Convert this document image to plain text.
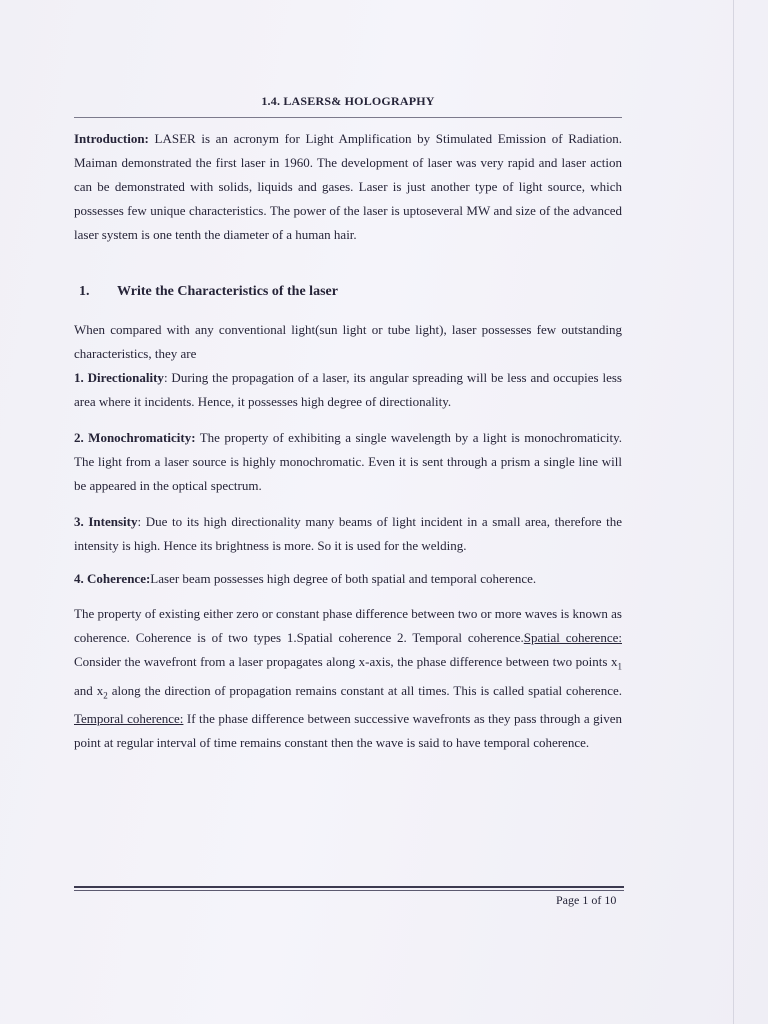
1.4. LASERS& HOLOGRAPHY
Introduction: LASER is an acronym for Light Amplification by Stimulated Emission of Radiation. Maiman demonstrated the first laser in 1960. The development of laser was very rapid and laser action can be demonstrated with solids, liquids and gases. Laser is just another type of light source, which possesses few unique characteristics. The power of the laser is uptoseveral MW and size of the advanced laser system is one tenth the diameter of a human hair.
1. Write the Characteristics of the laser
When compared with any conventional light(sun light or tube light), laser possesses few outstanding characteristics, they are
1. Directionality: During the propagation of a laser, its angular spreading will be less and occupies less area where it incidents. Hence, it possesses high degree of directionality.
2. Monochromaticity: The property of exhibiting a single wavelength by a light is monochromaticity. The light from a laser source is highly monochromatic. Even it is sent through a prism a single line will be appeared in the optical spectrum.
3. Intensity: Due to its high directionality many beams of light incident in a small area, therefore the intensity is high. Hence its brightness is more. So it is used for the welding.
4. Coherence:Laser beam possesses high degree of both spatial and temporal coherence.
The property of existing either zero or constant phase difference between two or more waves is known as coherence. Coherence is of two types 1.Spatial coherence 2. Temporal coherence.Spatial coherence: Consider the wavefront from a laser propagates along x-axis, the phase difference between two points $x_1$ and $x_2$ along the direction of propagation remains constant at all times. This is called spatial coherence. Temporal coherence: If the phase difference between successive wavefronts as they pass through a given point at regular interval of time remains constant then the wave is said to have temporal coherence.
Page 1 of 10
